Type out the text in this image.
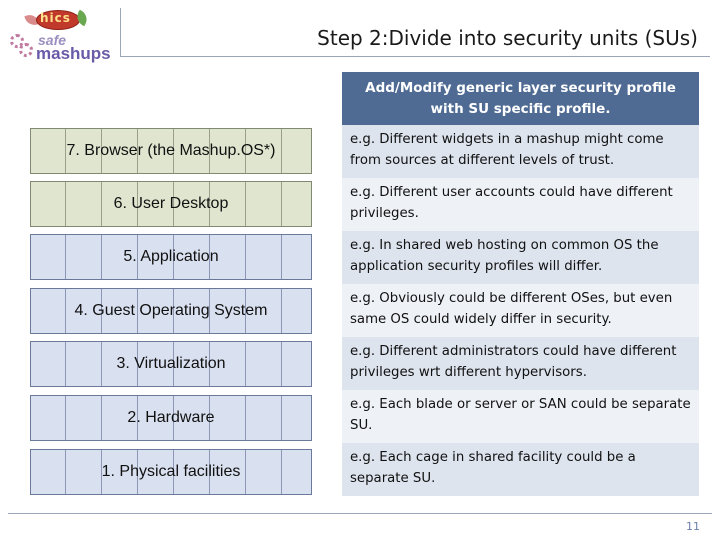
hics
safe
mashups
Step 2:Divide into security units (SUs)
Add/Modify generic layer security profile with SU specific profile.
7. Browser (the Mashup.OS*)
6. User Desktop
5. Application
4. Guest Operating System
3. Virtualization
2. Hardware
1. Physical facilities
e.g. Different widgets in a mashup might come from sources at different levels of trust.
e.g. Different user accounts could have different privileges.
e.g. In shared web hosting on common OS the application security profiles will differ.
e.g. Obviously could be different OSes, but even same OS could widely differ in security.
e.g. Different administrators could have different privileges wrt different hypervisors.
e.g. Each blade or server or SAN could be separate SU.
e.g. Each cage in shared facility could be a separate SU.
11
